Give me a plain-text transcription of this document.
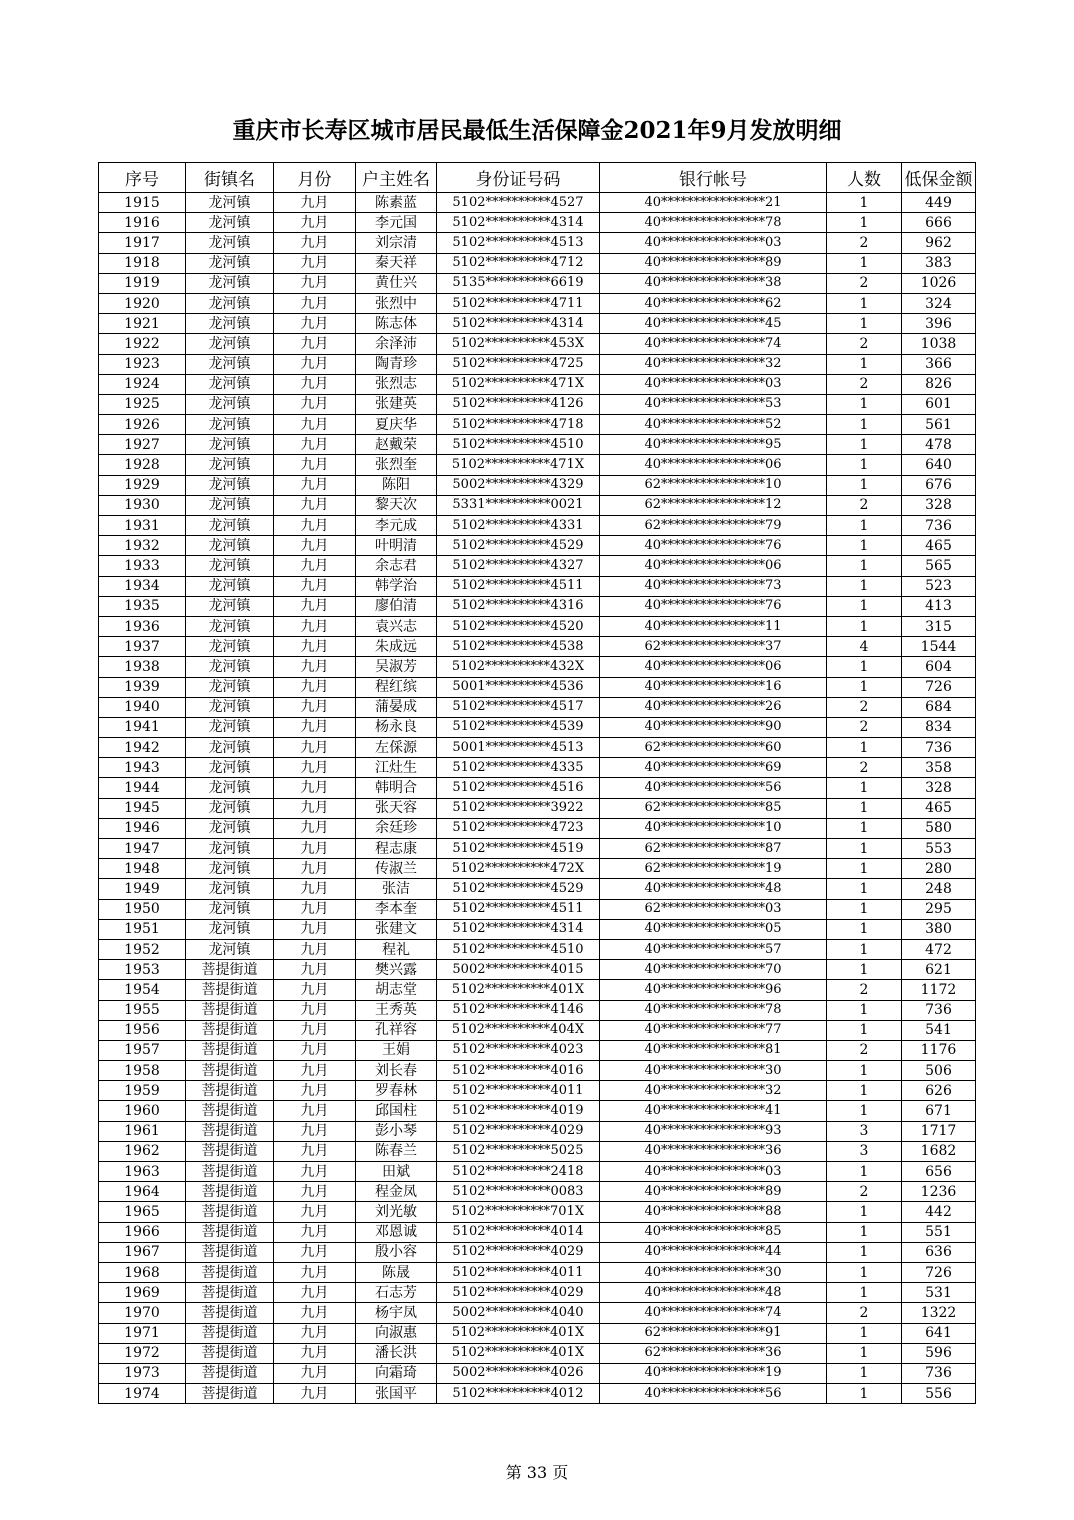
重庆市长寿区城市居民最低生活保障金2021年9月发放明细
序号	街镇名	月份	户主姓名	身份证号码	银行帐号	人数	低保金额
1915	龙河镇	九月	陈素蓝	5102**********4527	40****************21	1	449
1916	龙河镇	九月	李元国	5102**********4314	40****************78	1	666
1917	龙河镇	九月	刘宗清	5102**********4513	40****************03	2	962
1918	龙河镇	九月	秦天祥	5102**********4712	40****************89	1	383
1919	龙河镇	九月	黄仕兴	5135**********6619	40****************38	2	1026
1920	龙河镇	九月	张烈中	5102**********4711	40****************62	1	324
1921	龙河镇	九月	陈志体	5102**********4314	40****************45	1	396
1922	龙河镇	九月	余泽沛	5102**********453X	40****************74	2	1038
1923	龙河镇	九月	陶青珍	5102**********4725	40****************32	1	366
1924	龙河镇	九月	张烈志	5102**********471X	40****************03	2	826
1925	龙河镇	九月	张建英	5102**********4126	40****************53	1	601
1926	龙河镇	九月	夏庆华	5102**********4718	40****************52	1	561
1927	龙河镇	九月	赵戴荣	5102**********4510	40****************95	1	478
1928	龙河镇	九月	张烈奎	5102**********471X	40****************06	1	640
1929	龙河镇	九月	陈阳	5002**********4329	62****************10	1	676
1930	龙河镇	九月	黎天次	5331**********0021	62****************12	2	328
1931	龙河镇	九月	李元成	5102**********4331	62****************79	1	736
1932	龙河镇	九月	叶明清	5102**********4529	40****************76	1	465
1933	龙河镇	九月	余志君	5102**********4327	40****************06	1	565
1934	龙河镇	九月	韩学治	5102**********4511	40****************73	1	523
1935	龙河镇	九月	廖伯清	5102**********4316	40****************76	1	413
1936	龙河镇	九月	袁兴志	5102**********4520	40****************11	1	315
1937	龙河镇	九月	朱成远	5102**********4538	62****************37	4	1544
1938	龙河镇	九月	吴淑芳	5102**********432X	40****************06	1	604
1939	龙河镇	九月	程红缤	5001**********4536	40****************16	1	726
1940	龙河镇	九月	蒲晏成	5102**********4517	40****************26	2	684
1941	龙河镇	九月	杨永良	5102**********4539	40****************90	2	834
1942	龙河镇	九月	左倸源	5001**********4513	62****************60	1	736
1943	龙河镇	九月	江灶生	5102**********4335	40****************69	2	358
1944	龙河镇	九月	韩明合	5102**********4516	40****************56	1	328
1945	龙河镇	九月	张天容	5102**********3922	62****************85	1	465
1946	龙河镇	九月	余廷珍	5102**********4723	40****************10	1	580
1947	龙河镇	九月	程志康	5102**********4519	62****************87	1	553
1948	龙河镇	九月	传淑兰	5102**********472X	62****************19	1	280
1949	龙河镇	九月	张洁	5102**********4529	40****************48	1	248
1950	龙河镇	九月	李本奎	5102**********4511	62****************03	1	295
1951	龙河镇	九月	张建文	5102**********4314	40****************05	1	380
1952	龙河镇	九月	程礼	5102**********4510	40****************57	1	472
1953	菩提街道	九月	樊兴露	5002**********4015	40****************70	1	621
1954	菩提街道	九月	胡志堂	5102**********401X	40****************96	2	1172
1955	菩提街道	九月	王秀英	5102**********4146	40****************78	1	736
1956	菩提街道	九月	孔祥容	5102**********404X	40****************77	1	541
1957	菩提街道	九月	王娟	5102**********4023	40****************81	2	1176
1958	菩提街道	九月	刘长春	5102**********4016	40****************30	1	506
1959	菩提街道	九月	罗春林	5102**********4011	40****************32	1	626
1960	菩提街道	九月	邱国柱	5102**********4019	40****************41	1	671
1961	菩提街道	九月	彭小琴	5102**********4029	40****************93	3	1717
1962	菩提街道	九月	陈春兰	5102**********5025	40****************36	3	1682
1963	菩提街道	九月	田斌	5102**********2418	40****************03	1	656
1964	菩提街道	九月	程金凤	5102**********0083	40****************89	2	1236
1965	菩提街道	九月	刘光敏	5102**********701X	40****************88	1	442
1966	菩提街道	九月	邓恩诚	5102**********4014	40****************85	1	551
1967	菩提街道	九月	殷小容	5102**********4029	40****************44	1	636
1968	菩提街道	九月	陈晟	5102**********4011	40****************30	1	726
1969	菩提街道	九月	石志芳	5102**********4029	40****************48	1	531
1970	菩提街道	九月	杨宇凤	5002**********4040	40****************74	2	1322
1971	菩提街道	九月	向淑惠	5102**********401X	62****************91	1	641
1972	菩提街道	九月	潘长洪	5102**********401X	62****************36	1	596
1973	菩提街道	九月	向霜琦	5002**********4026	40****************19	1	736
1974	菩提街道	九月	张国平	5102**********4012	40****************56	1	556
第 33 页
